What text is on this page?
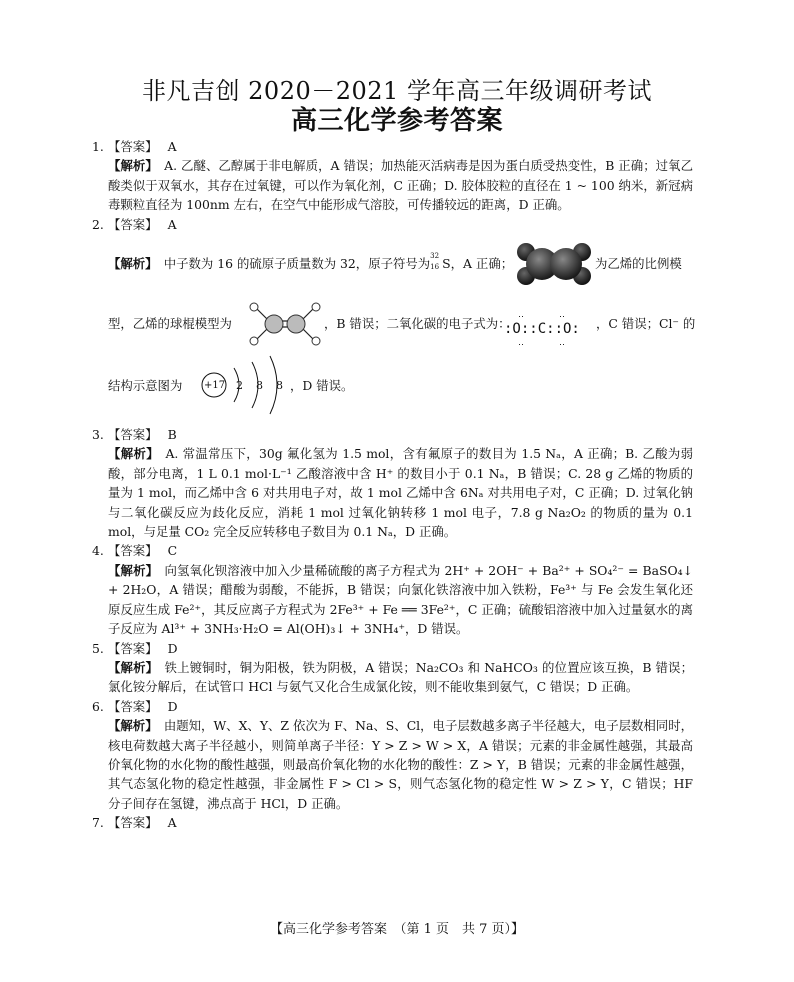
非凡吉创 2020－2021 学年高三年级调研考试
高三化学参考答案

1. 【答案】 A

【解析】　 A. 乙醚、乙醇属于非电解质，A 错误；加热能灭活病毒是因为蛋白质受热变性，B 正确；过氧乙酸类似于双氧水，其存在过氧键，可以作为氧化剂，C 正确；D. 胶体胶粒的直径在 1 ~ 100 纳米，新冠病毒颗粒直径为 100nm 左右，在空气中能形成气溶胶，可传播较远的距离，D 正确。

2. 【答案】 A

【解析】　 中子数为 16 的硫原子质量数为 32，原子符号为
32
16 S，A 正确；	为乙烯的比例模
型，乙烯的球棍模型为	，B 错误；二氧化碳的电子式为：
‥　　　‥
:O::C::O:
‥　　　‥
，C 错误；Cl⁻ 的
结构示意图为 +17 2 8 8 ，D 错误。

3. 【答案】 B

【解析】　 A. 常温常压下，30g 氟化氢为 1.5 mol，含有氟原子的数目为 1.5 Nₐ，A 正确；B. 乙酸为弱酸，部分电离，1 L 0.1 mol·L⁻¹ 乙酸溶液中含 H⁺ 的数目小于 0.1 Nₐ，B 错误；C. 28 g 乙烯的物质的量为 1 mol，而乙烯中含 6 对共用电子对，故 1 mol 乙烯中含 6Nₐ 对共用电子对，C 正确；D. 过氧化钠与二氧化碳反应为歧化反应，消耗 1 mol 过氧化钠转移 1 mol 电子，7.8 g Na₂O₂ 的物质的量为 0.1 mol，与足量 CO₂ 完全反应转移电子数目为 0.1 Nₐ，D 正确。

4. 【答案】 C

【解析】　 向氢氧化钡溶液中加入少量稀硫酸的离子方程式为 2H⁺ + 2OH⁻ + Ba²⁺ + SO₄²⁻ = BaSO₄↓ + 2H₂O，A 错误；醋酸为弱酸，不能拆，B 错误；向氯化铁溶液中加入铁粉，Fe³⁺ 与 Fe 会发生氧化还原反应生成 Fe²⁺，其反应离子方程式为 2Fe³⁺ + Fe ══ 3Fe²⁺，C 正确；硫酸铝溶液中加入过量氨水的离子反应为 Al³⁺ + 3NH₃·H₂O = Al(OH)₃↓ + 3NH₄⁺，D 错误。

5. 【答案】 D

【解析】　 铁上镀铜时，铜为阳极，铁为阴极，A 错误；Na₂CO₃ 和 NaHCO₃ 的位置应该互换，B 错误；氯化铵分解后，在试管口 HCl 与氨气又化合生成氯化铵，则不能收集到氨气，C 错误；D 正确。

6. 【答案】 D

【解析】　 由题知，W、X、Y、Z 依次为 F、Na、S、Cl，电子层数越多离子半径越大，电子层数相同时，核电荷数越大离子半径越小，则简单离子半径：Y > Z > W > X，A 错误；元素的非金属性越强，其最高价氧化物的水化物的酸性越强，则最高价氧化物的水化物的酸性：Z > Y，B 错误；元素的非金属性越强，其气态氢化物的稳定性越强，非金属性 F > Cl > S，则气态氢化物的稳定性 W > Z > Y，C 错误；HF 分子间存在氢键，沸点高于 HCl，D 正确。

7. 【答案】 A

【高三化学参考答案　（第 1 页　共 7 页）】
